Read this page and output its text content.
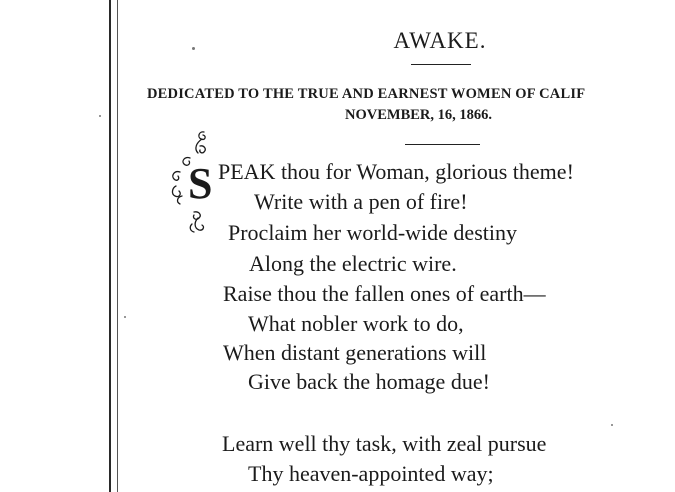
AWAKE.
DEDICATED TO THE TRUE AND EARNEST WOMEN OF CALIF
NOVEMBER, 16, 1866.
S PEAK thou for Woman, glorious theme!
Write with a pen of fire!
Proclaim her world-wide destiny
Along the electric wire.
Raise thou the fallen ones of earth—
What nobler work to do,
When distant generations will
Give back the homage due!
Learn well thy task, with zeal pursue
Thy heaven-appointed way;
